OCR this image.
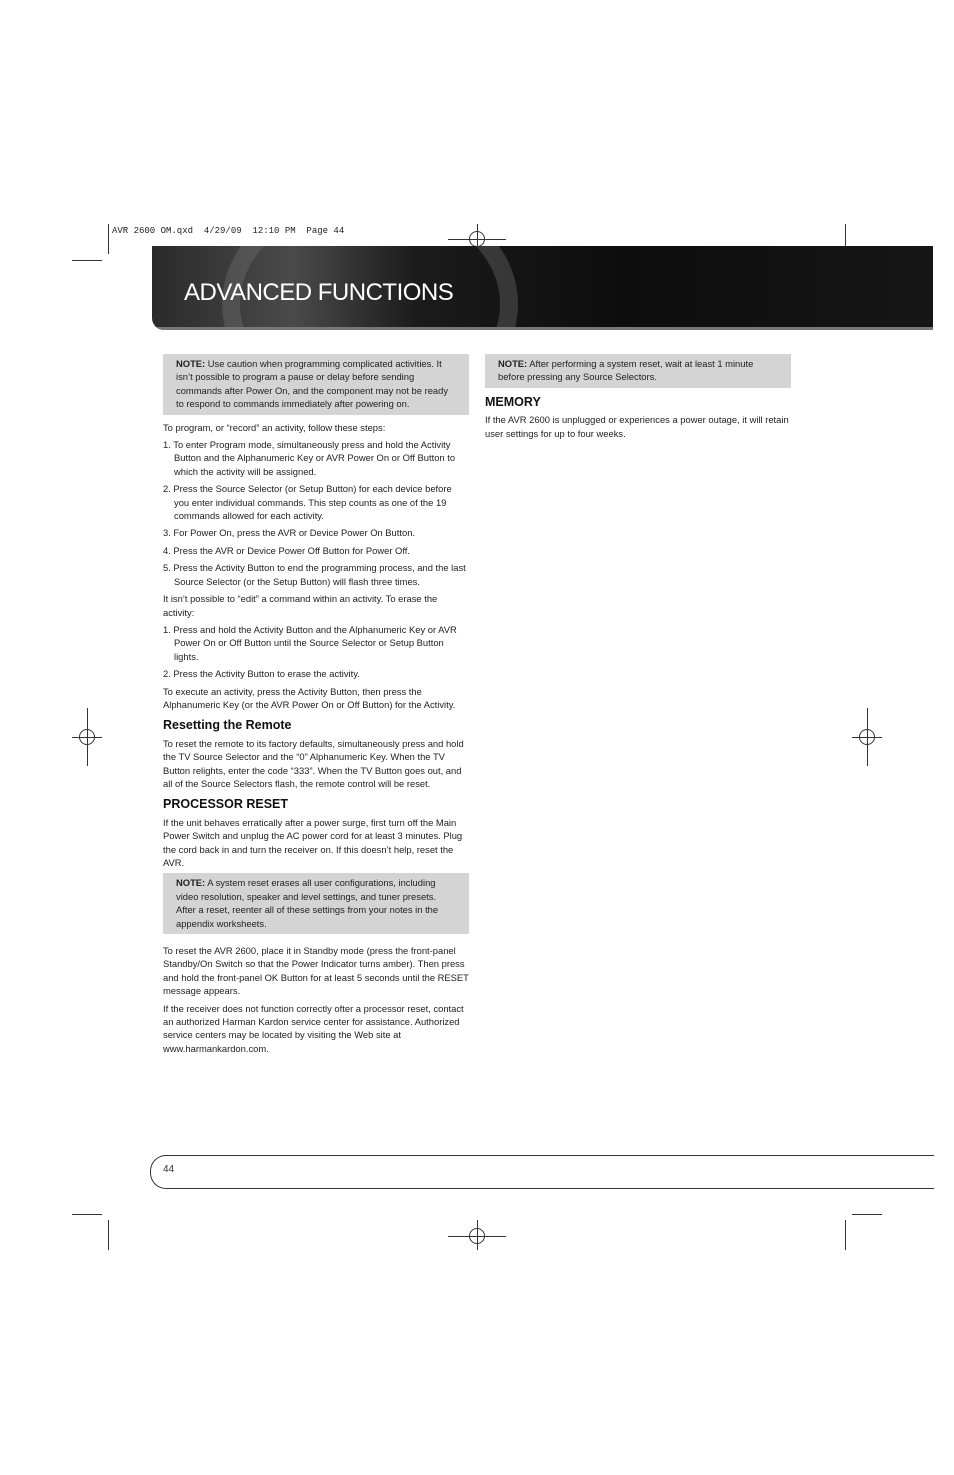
AVR 2600 OM.qxd  4/29/09  12:10 PM  Page 44
ADVANCED FUNCTIONS
NOTE: Use caution when programming complicated activities. It isn’t possible to program a pause or delay before sending commands after Power On, and the component may not be ready to respond to commands immediately after powering on.

To program, or “record” an activity, follow these steps:

1. To enter Program mode, simultaneously press and hold the Activity Button and the Alphanumeric Key or AVR Power On or Off Button to which the activity will be assigned.
2. Press the Source Selector (or Setup Button) for each device before you enter individual commands. This step counts as one of the 19 commands allowed for each activity.
3. For Power On, press the AVR or Device Power On Button.
4. Press the AVR or Device Power Off Button for Power Off.
5. Press the Activity Button to end the programming process, and the last Source Selector (or the Setup Button) will flash three times.

It isn’t possible to “edit” a command within an activity. To erase the activity:

1. Press and hold the Activity Button and the Alphanumeric Key or AVR Power On or Off Button until the Source Selector or Setup Button lights.
2. Press the Activity Button to erase the activity.

To execute an activity, press the Activity Button, then press the Alphanumeric Key (or the AVR Power On or Off Button) for the Activity.

Resetting the Remote

To reset the remote to its factory defaults, simultaneously press and hold the TV Source Selector and the “0” Alphanumeric Key. When the TV Button relights, enter the code “333”. When the TV Button goes out, and all of the Source Selectors flash, the remote control will be reset.

PROCESSOR RESET

If the unit behaves erratically after a power surge, first turn off the Main Power Switch and unplug the AC power cord for at least 3 minutes. Plug the cord back in and turn the receiver on. If this doesn’t help, reset the AVR.

NOTE: A system reset erases all user configurations, including video resolution, speaker and level settings, and tuner presets. After a reset, reenter all of these settings from your notes in the appendix worksheets.

To reset the AVR 2600, place it in Standby mode (press the front-panel Standby/On Switch so that the Power Indicator turns amber). Then press and hold the front-panel OK Button for at least 5 seconds until the RESET message appears.

If the receiver does not function correctly ofter a processor reset, contact an authorized Harman Kardon service center for assistance. Authorized service centers may be located by visiting the Web site at www.harmankardon.com.

NOTE: After performing a system reset, wait at least 1 minute before pressing any Source Selectors.
MEMORY

If the AVR 2600 is unplugged or experiences a power outage, it will retain user settings for up to four weeks.

44
